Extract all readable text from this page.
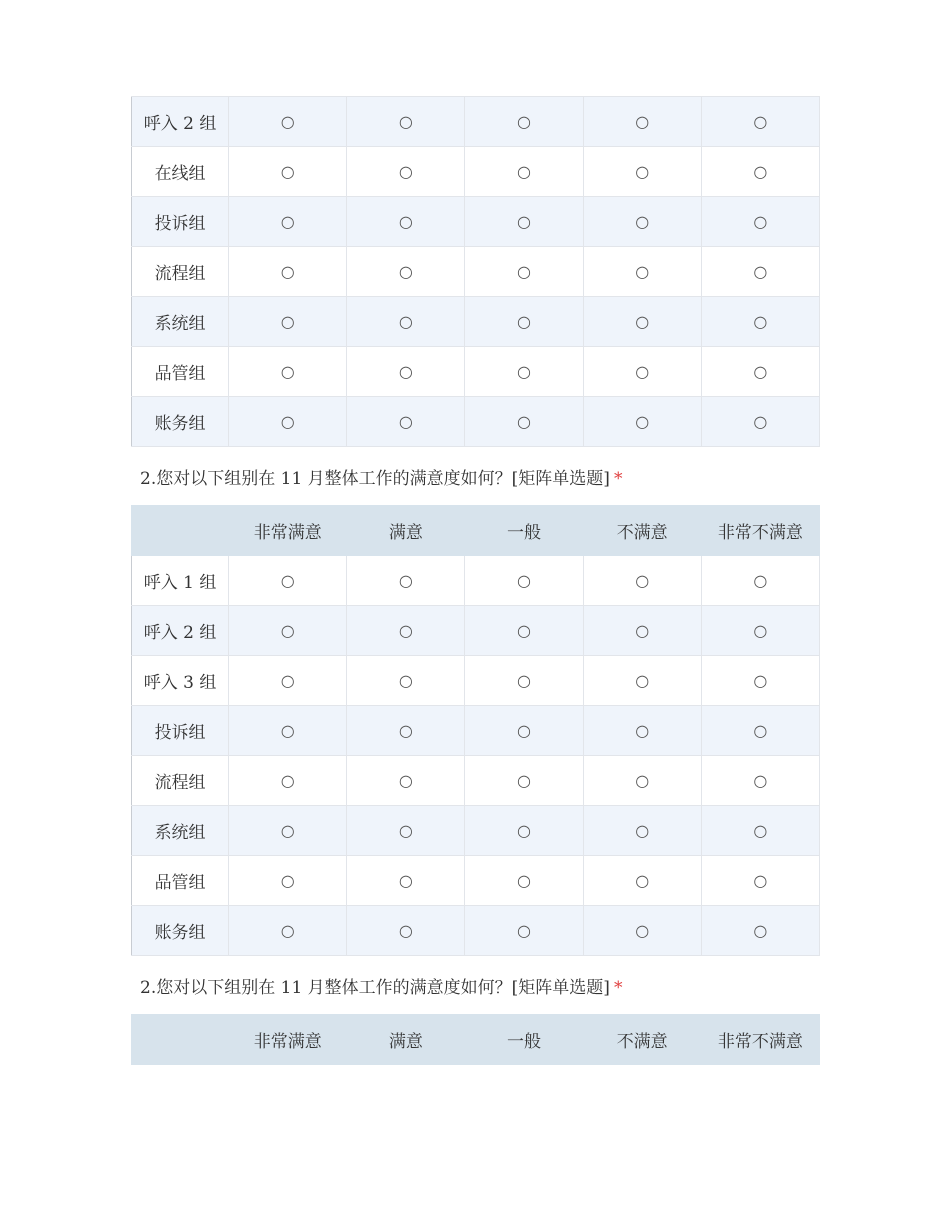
呼入 2 组	○	○	○	○	○
在线组	○	○	○	○	○
投诉组	○	○	○	○	○
流程组	○	○	○	○	○
系统组	○	○	○	○	○
品管组	○	○	○	○	○
账务组	○	○	○	○	○

2.您对以下组别在 11 月整体工作的满意度如何？[矩阵单选题] *

	非常满意	满意	一般	不满意	非常不满意
呼入 1 组	○	○	○	○	○
呼入 2 组	○	○	○	○	○
呼入 3 组	○	○	○	○	○
投诉组	○	○	○	○	○
流程组	○	○	○	○	○
系统组	○	○	○	○	○
品管组	○	○	○	○	○
账务组	○	○	○	○	○

2.您对以下组别在 11 月整体工作的满意度如何？[矩阵单选题] *

	非常满意	满意	一般	不满意	非常不满意
